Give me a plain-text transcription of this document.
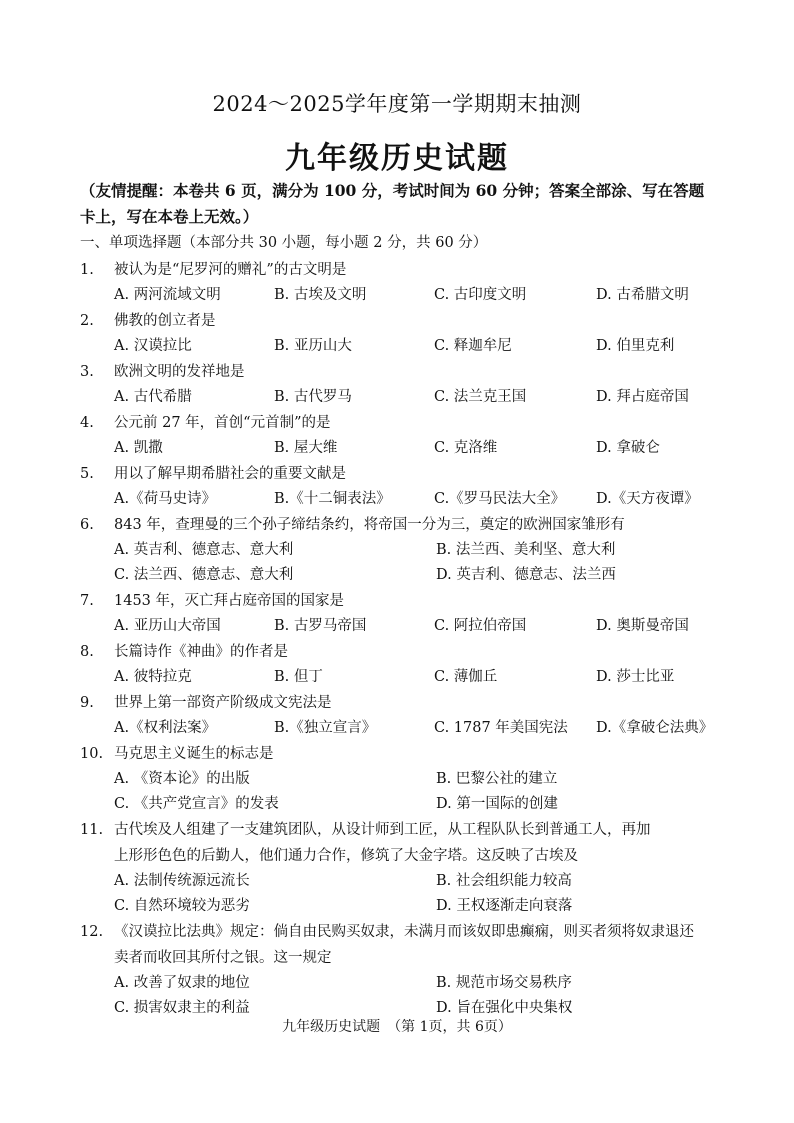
2024～2025学年度第一学期期末抽测
九年级历史试题
（友情提醒：本卷共 6 页，满分为 100 分，考试时间为 60 分钟；答案全部涂、写在答题
卡上，写在本卷上无效。）
一、单项选择题（本部分共 30 小题，每小题 2 分，共 60 分）
1.	被认为是“尼罗河的赠礼”的古文明是
A. 两河流域文明	B. 古埃及文明	C. 古印度文明	D. 古希腊文明
2.	佛教的创立者是
A. 汉谟拉比	B. 亚历山大	C. 释迦牟尼	D. 伯里克利
3.	欧洲文明的发祥地是
A. 古代希腊	B. 古代罗马	C. 法兰克王国	D. 拜占庭帝国
4.	公元前 27 年，首创“元首制”的是
A. 凯撒	B. 屋大维	C. 克洛维	D. 拿破仑
5.	用以了解早期希腊社会的重要文献是
A.《荷马史诗》	B.《十二铜表法》	C.《罗马民法大全》	D.《天方夜谭》
6.	843 年，查理曼的三个孙子缔结条约，将帝国一分为三，奠定的欧洲国家雏形有
A. 英吉利、德意志、意大利	B. 法兰西、美利坚、意大利
C. 法兰西、德意志、意大利	D. 英吉利、德意志、法兰西
7.	1453 年，灭亡拜占庭帝国的国家是
A. 亚历山大帝国	B. 古罗马帝国	C. 阿拉伯帝国	D. 奥斯曼帝国
8.	长篇诗作《神曲》的作者是
A. 彼特拉克	B. 但丁	C. 薄伽丘	D. 莎士比亚
9.	世界上第一部资产阶级成文宪法是
A.《权利法案》	B.《独立宣言》	C. 1787 年美国宪法	D.《拿破仑法典》
10. 马克思主义诞生的标志是
A. 《资本论》的出版	B. 巴黎公社的建立
C. 《共产党宣言》的发表	D. 第一国际的创建
11. 古代埃及人组建了一支建筑团队，从设计师到工匠，从工程队队长到普通工人，再加
上形形色色的后勤人，他们通力合作，修筑了大金字塔。这反映了古埃及
A. 法制传统源远流长	B. 社会组织能力较高
C. 自然环境较为恶劣	D. 王权逐渐走向衰落
12. 《汉谟拉比法典》规定：倘自由民购买奴隶，未满月而该奴即患癫痫，则买者须将奴隶退还
卖者而收回其所付之银。这一规定
A. 改善了奴隶的地位	B. 规范市场交易秩序
C. 损害奴隶主的利益	D. 旨在强化中央集权
九年级历史试题　（第 1页，共 6页）
